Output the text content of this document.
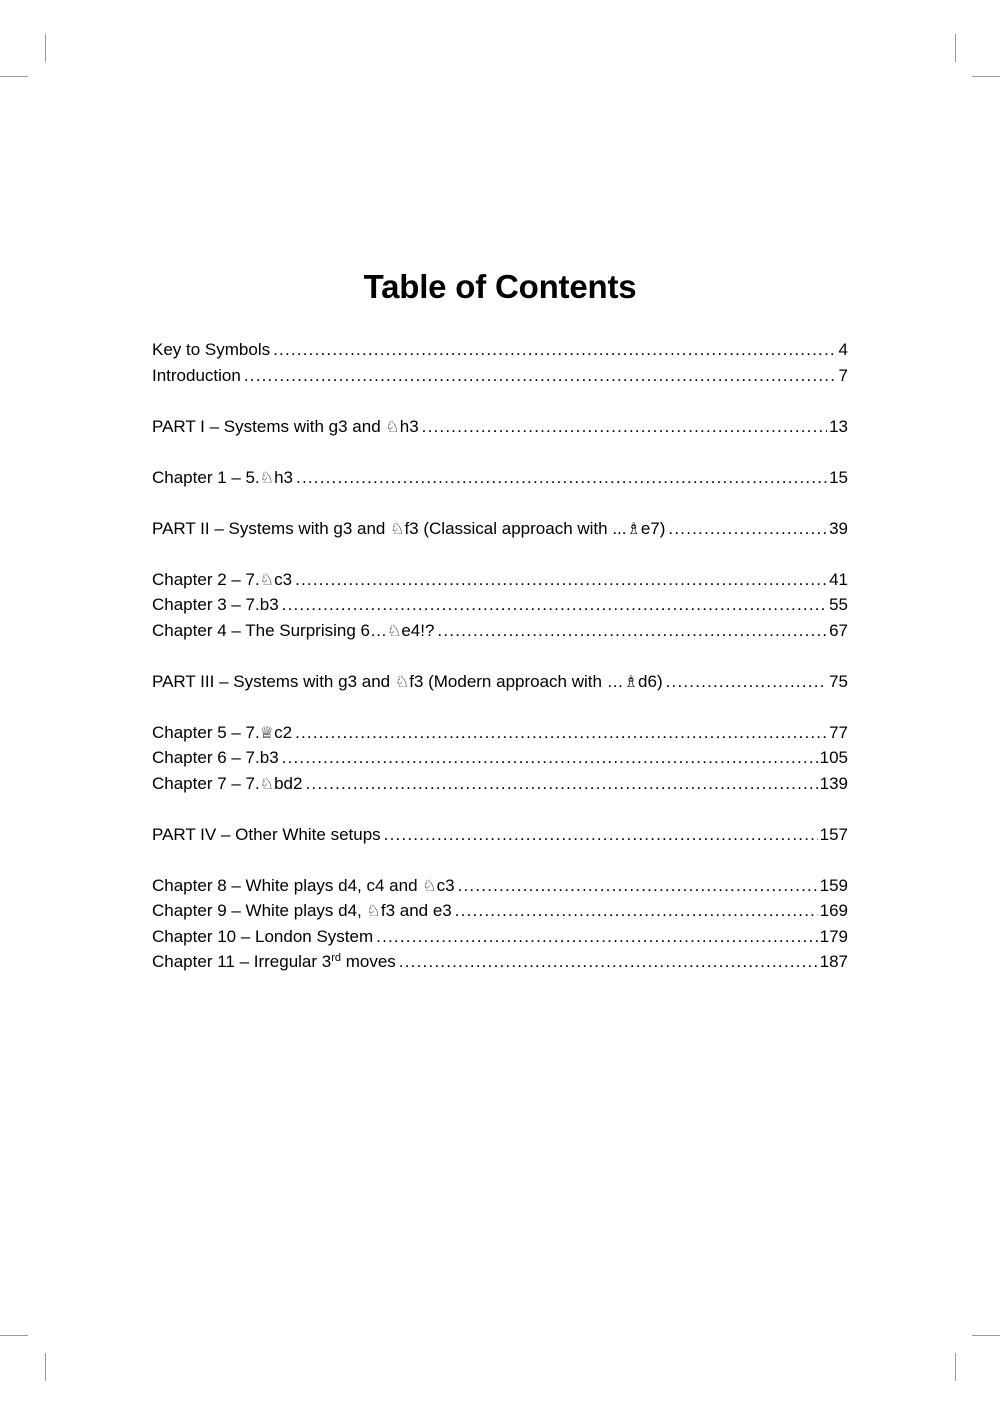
Table of Contents
Key to Symbols .....	4
Introduction .....	7
PART I – Systems with g3 and ♘h3 .....	13
Chapter 1 – 5.♘h3 .....	15
PART II – Systems with g3 and ♘f3 (Classical approach with ...♗e7) .....	39
Chapter 2 – 7.♘c3 .....	41
Chapter 3 – 7.b3 .....	55
Chapter 4 – The Surprising 6…♘e4!? .....	67
PART III – Systems with g3 and ♘f3 (Modern approach with …♗d6) .....	75
Chapter 5 – 7.♕c2 .....	77
Chapter 6 – 7.b3 .....	105
Chapter 7 – 7.♘bd2 .....	139
PART IV – Other White setups .....	157
Chapter 8 – White plays d4, c4 and ♘c3 .....	159
Chapter 9 – White plays d4, ♘f3 and e3 .....	169
Chapter 10 – London System .....	179
Chapter 11 – Irregular 3rd moves .....	187
